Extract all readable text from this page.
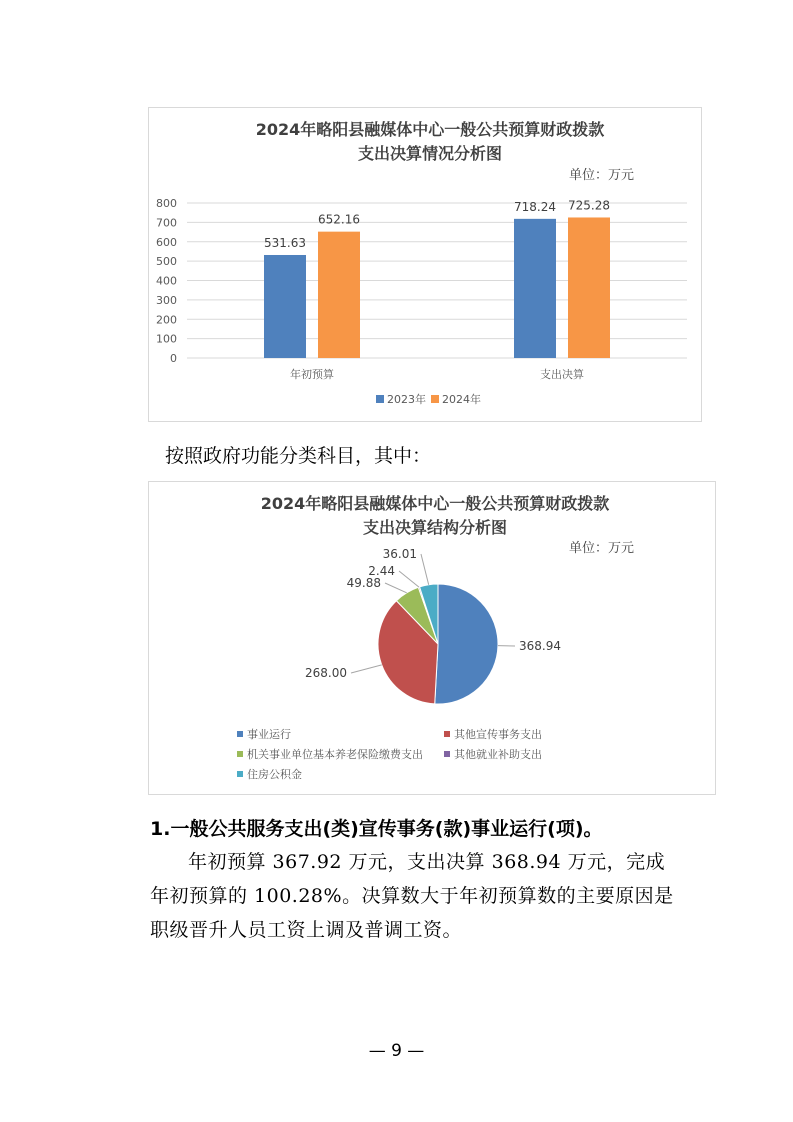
2024年略阳县融媒体中心一般公共预算财政拨款
支出决算情况分析图
单位：万元
0
100
200
300
400
500
600
700
800
531.63
652.16
年初预算
718.24 725.28
支出决算
2023年 2024年

按照政府功能分类科目，其中：

2024年略阳县融媒体中心一般公共预算财政拨款
支出决算结构分析图
单位：万元
368.94
268.00
49.88
2.44
36.01
事业运行	其他宣传事务支出
机关事业单位基本养老保险缴费支出	其他就业补助支出
住房公积金

1.一般公共服务支出(类)宣传事务(款)事业运行(项)。

年初预算 367.92 万元，支出决算 368.94 万元，完成年初预算的 100.28%。决算数大于年初预算数的主要原因是职级晋升人员工资上调及普调工资。

— 9 —
